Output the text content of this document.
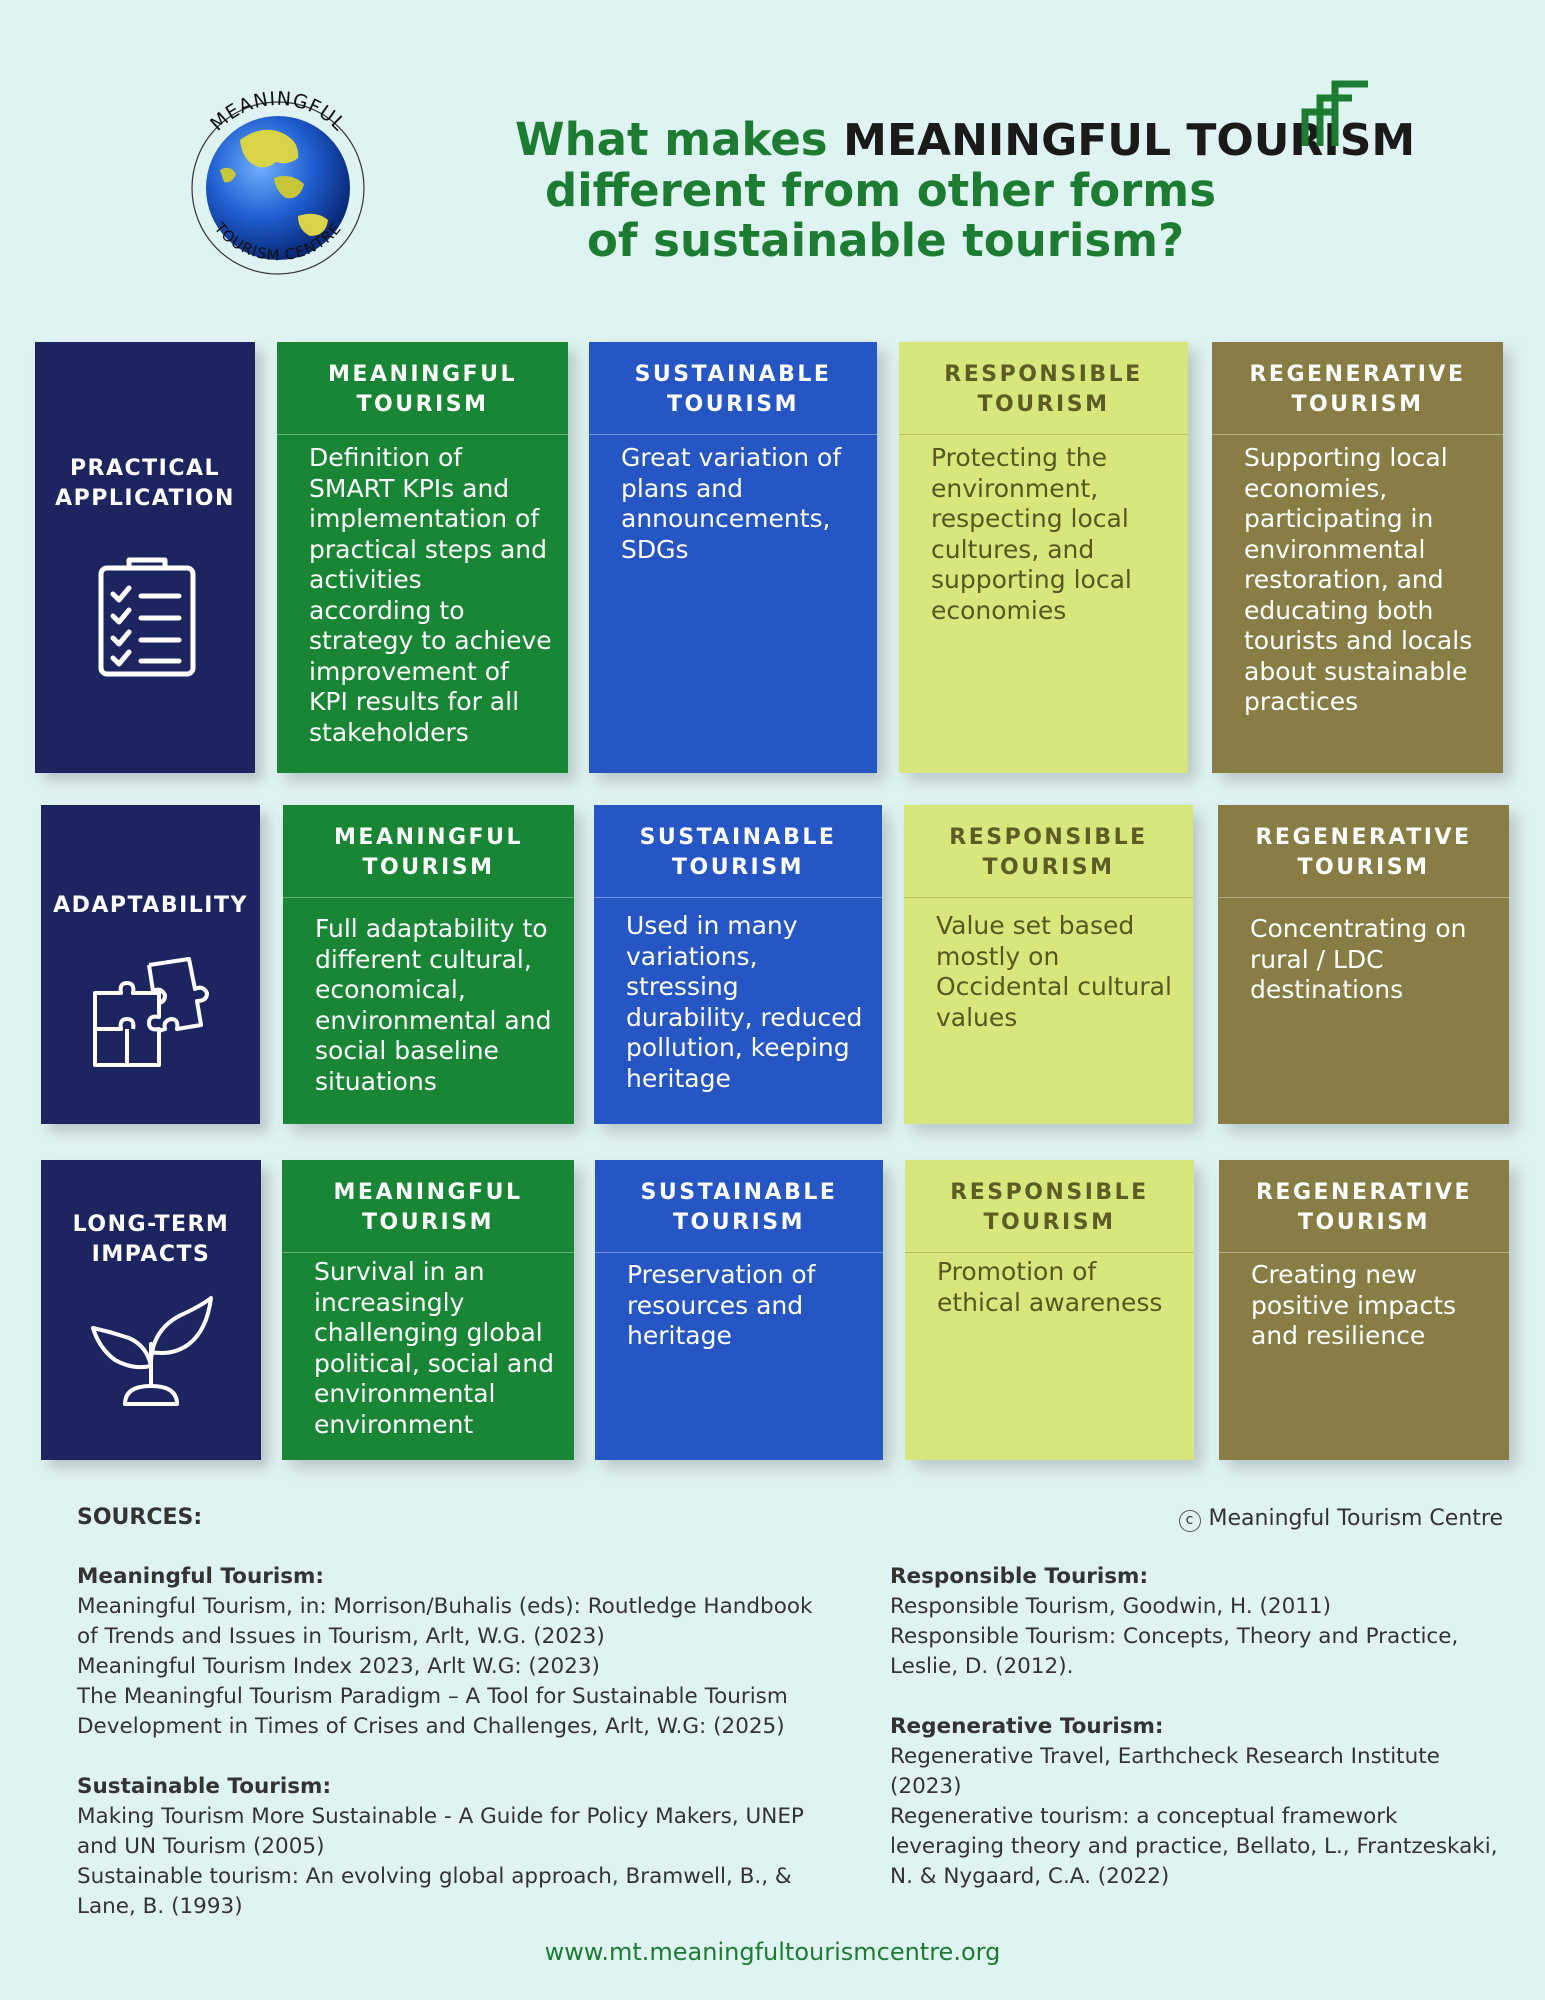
MEANINGFUL
TOURISM CENTRE
What makes MEANINGFUL TOURISM
different from other forms
of sustainable tourism?
PRACTICAL APPLICATION
MEANINGFUL TOURISM
Definition of SMART KPIs and implementation of practical steps and activities according to strategy to achieve improvement of KPI results for all stakeholders
SUSTAINABLE TOURISM
Great variation of plans and announcements, SDGs
RESPONSIBLE TOURISM
Protecting the environment, respecting local cultures, and supporting local economies
REGENERATIVE TOURISM
Supporting local economies, participating in environmental restoration, and educating both tourists and locals about sustainable practices
ADAPTABILITY
MEANINGFUL TOURISM
Full adaptability to different cultural, economical, environmental and social baseline situations
SUSTAINABLE TOURISM
Used in many variations, stressing durability, reduced pollution, keeping heritage
RESPONSIBLE TOURISM
Value set based mostly on Occidental cultural values
REGENERATIVE TOURISM
Concentrating on rural / LDC destinations
LONG-TERM IMPACTS
MEANINGFUL TOURISM
Survival in an increasingly challenging global political, social and environmental environment
SUSTAINABLE TOURISM
Preservation of resources and heritage
RESPONSIBLE TOURISM
Promotion of ethical awareness
REGENERATIVE TOURISM
Creating new positive impacts and resilience
SOURCES:	c Meaningful Tourism Centre
Meaningful Tourism:

Meaningful Tourism, in: Morrison/Buhalis (eds): Routledge Handbook of Trends and Issues in Tourism, Arlt, W.G. (2023)

Meaningful Tourism Index 2023, Arlt W.G: (2023)

The Meaningful Tourism Paradigm – A Tool for Sustainable Tourism Development in Times of Crises and Challenges, Arlt, W.G: (2025)

Sustainable Tourism:

Making Tourism More Sustainable - A Guide for Policy Makers, UNEP and UN Tourism (2005)

Sustainable tourism: An evolving global approach, Bramwell, B., & Lane, B. (1993)

Responsible Tourism:

Responsible Tourism, Goodwin, H. (2011)

Responsible Tourism: Concepts, Theory and Practice, Leslie, D. (2012).

Regenerative Tourism:

Regenerative Travel, Earthcheck Research Institute (2023)

Regenerative tourism: a conceptual framework leveraging theory and practice, Bellato, L., Frantzeskaki, N. & Nygaard, C.A. (2022)

www.mt.meaningfultourismcentre.org
